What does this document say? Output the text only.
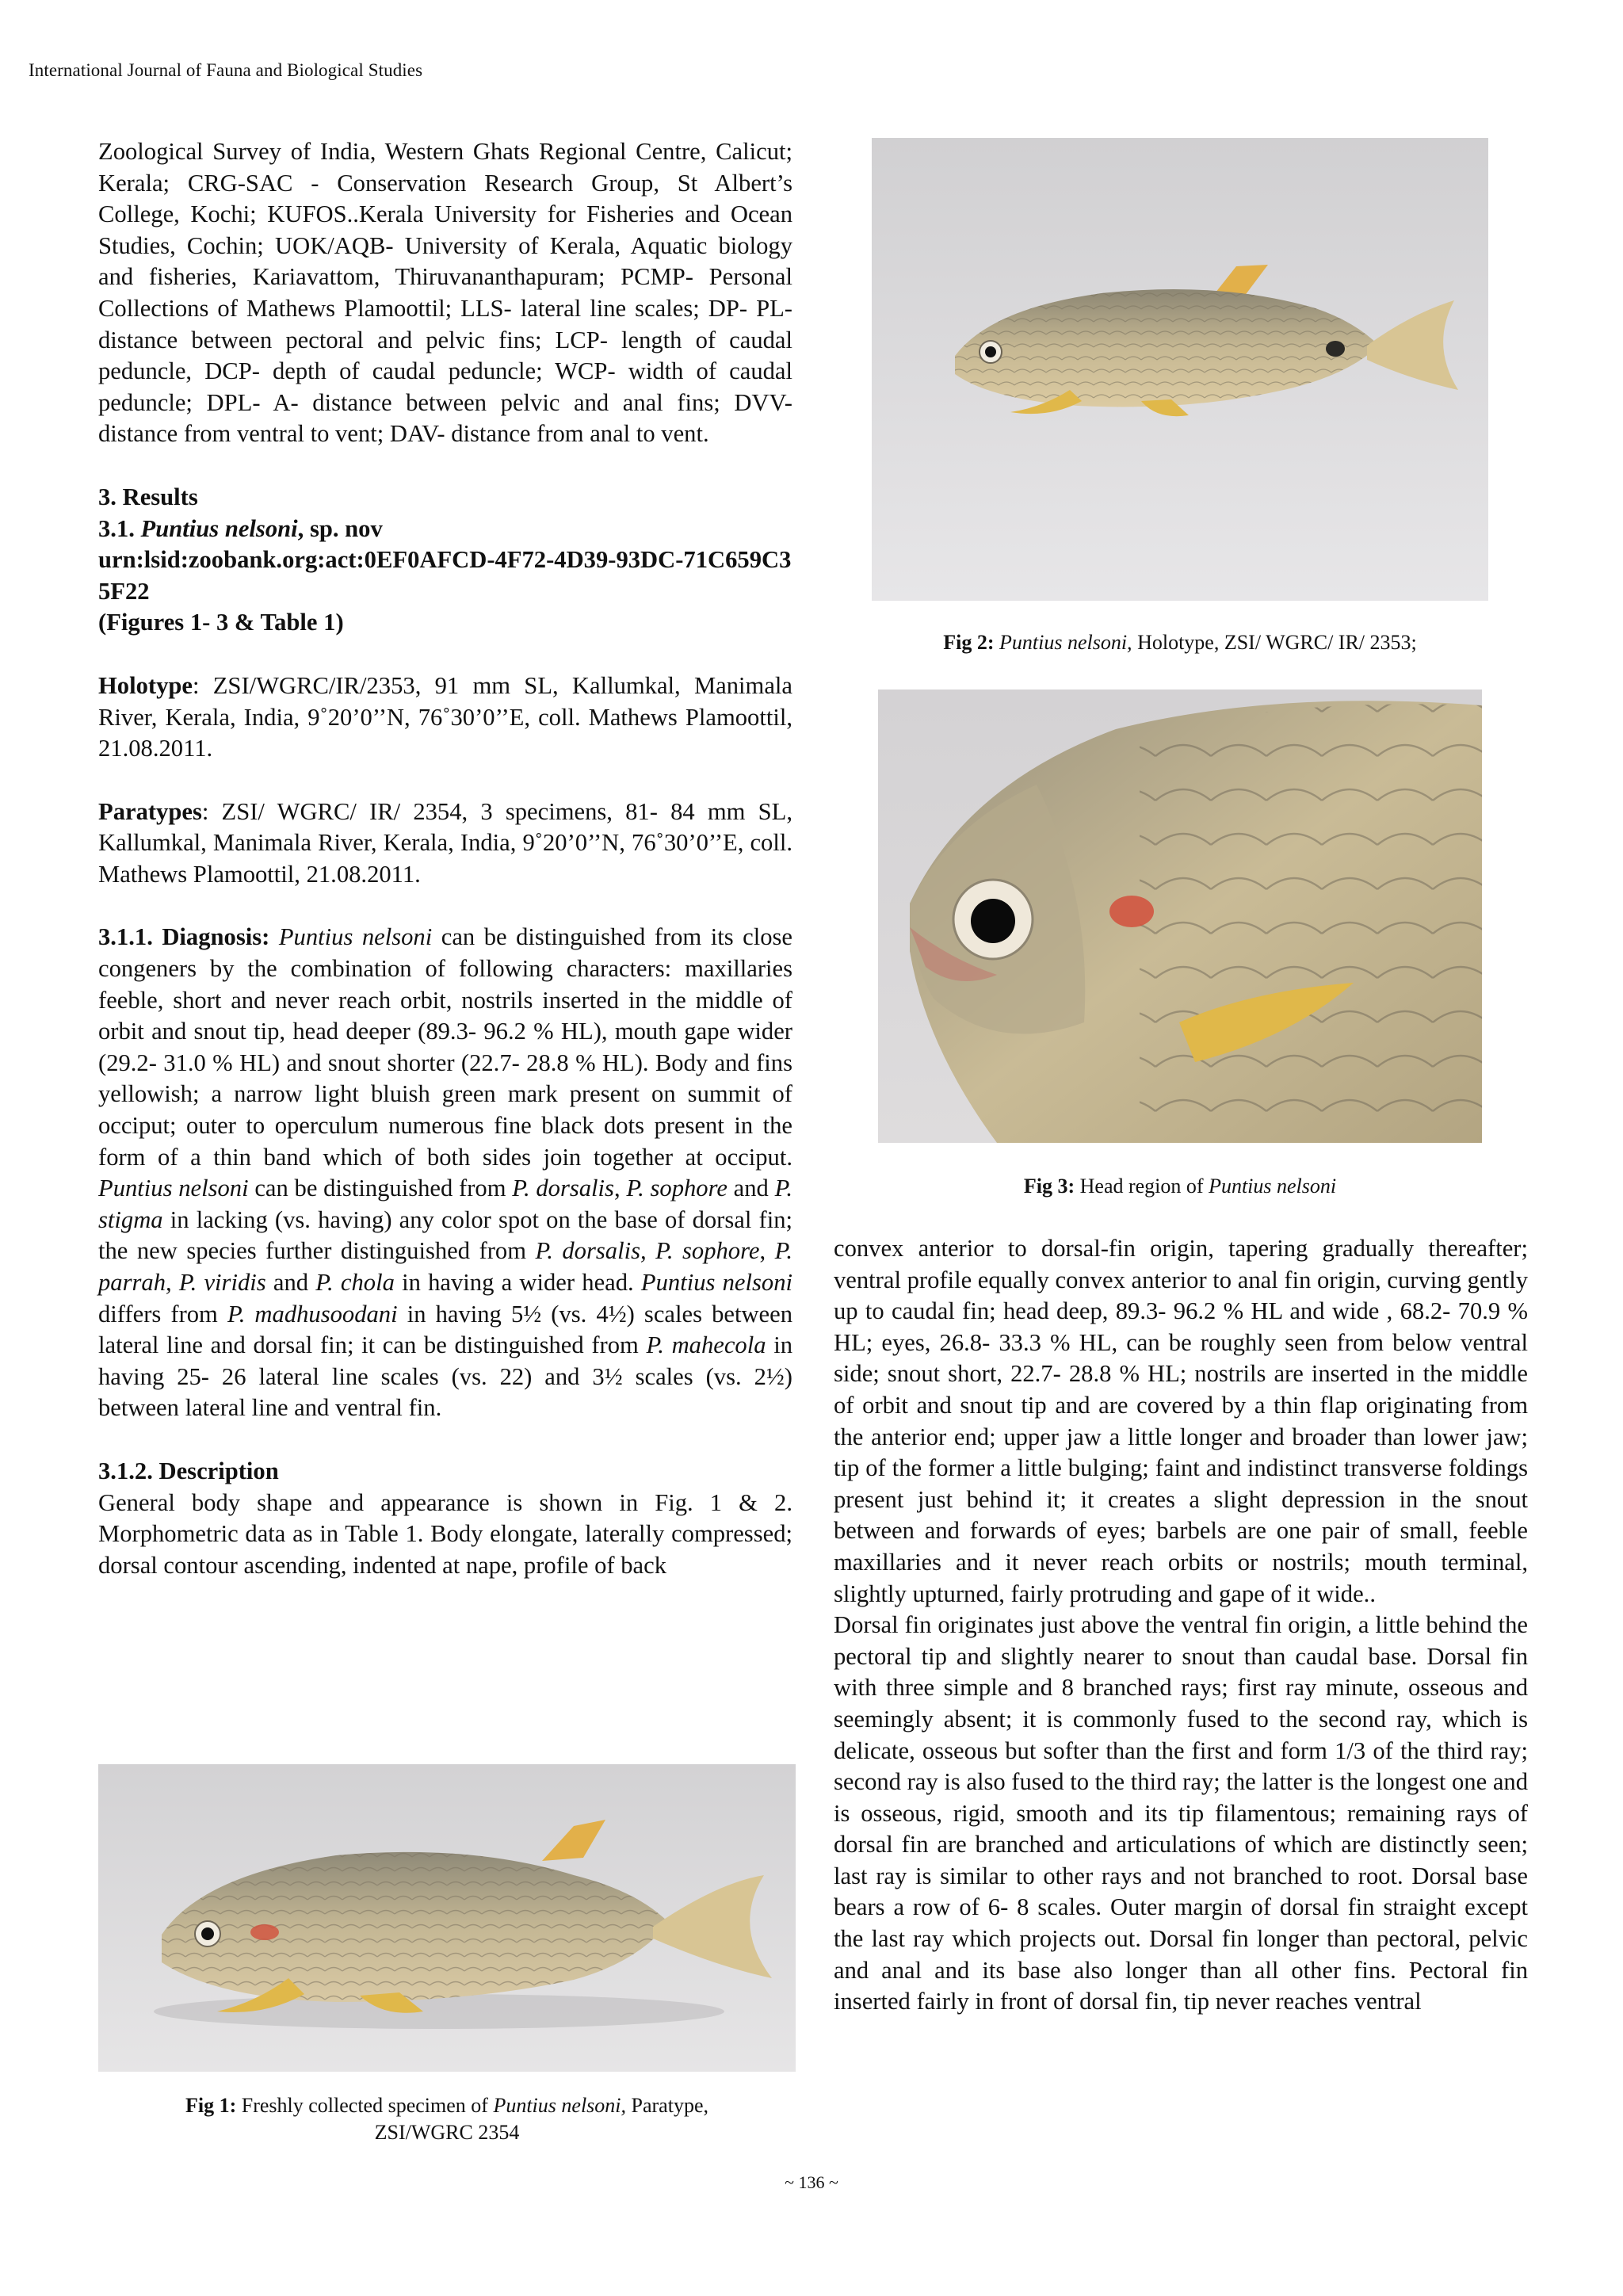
International Journal of Fauna and Biological Studies

Zoological Survey of India, Western Ghats Regional Centre, Calicut; Kerala; CRG-SAC - Conservation Research Group, St Albert’s College, Kochi; KUFOS..Kerala University for Fisheries and Ocean Studies, Cochin; UOK/AQB- University of Kerala, Aquatic biology and fisheries, Kariavattom, Thiruvananthapuram; PCMP- Personal Collections of Mathews Plamoottil; LLS- lateral line scales; DP- PL- distance between pectoral and pelvic fins; LCP- length of caudal peduncle, DCP- depth of caudal peduncle; WCP- width of caudal peduncle; DPL- A- distance between pelvic and anal fins; DVV- distance from ventral to vent; DAV- distance from anal to vent.

3. Results

3.1. Puntius nelsoni, sp. nov

urn:lsid:zoobank.org:act:0EF0AFCD-4F72-4D39-93DC-71C659C35F22

(Figures 1- 3 & Table 1)

Holotype: ZSI/WGRC/IR/2353, 91 mm SL, Kallumkal, Manimala River, Kerala, India, 9˚20’0’’N, 76˚30’0’’E, coll. Mathews Plamoottil, 21.08.2011.

Paratypes: ZSI/ WGRC/ IR/ 2354, 3 specimens, 81- 84 mm SL, Kallumkal, Manimala River, Kerala, India, 9˚20’0’’N, 76˚30’0’’E, coll. Mathews Plamoottil, 21.08.2011.

3.1.1. Diagnosis: Puntius nelsoni can be distinguished from its close congeners by the combination of following characters: maxillaries feeble, short and never reach orbit, nostrils inserted in the middle of orbit and snout tip, head deeper (89.3- 96.2 % HL), mouth gape wider (29.2- 31.0 % HL) and snout shorter (22.7- 28.8 % HL). Body and fins yellowish; a narrow light bluish green mark present on summit of occiput; outer to operculum numerous fine black dots present in the form of a thin band which of both sides join together at occiput. Puntius nelsoni can be distinguished from P. dorsalis, P. sophore and P. stigma in lacking (vs. having) any color spot on the base of dorsal fin; the new species further distinguished from P. dorsalis, P. sophore, P. parrah, P. viridis and P. chola in having a wider head. Puntius nelsoni differs from P. madhusoodani in having 5½ (vs. 4½) scales between lateral line and dorsal fin; it can be distinguished from P. mahecola in having 25- 26 lateral line scales (vs. 22) and 3½ scales (vs. 2½) between lateral line and ventral fin.

3.1.2. Description

General body shape and appearance is shown in Fig. 1 & 2. Morphometric data as in Table 1. Body elongate, laterally compressed; dorsal contour ascending, indented at nape, profile of back

Fig 1: Freshly collected specimen of Puntius nelsoni, Paratype,
ZSI/WGRC 2354
Fig 2: Puntius nelsoni, Holotype, ZSI/ WGRC/ IR/ 2353;
Fig 3: Head region of Puntius nelsoni

convex anterior to dorsal-fin origin, tapering gradually thereafter; ventral profile equally convex anterior to anal fin origin, curving gently up to caudal fin; head deep, 89.3- 96.2 % HL and wide , 68.2- 70.9 % HL; eyes, 26.8- 33.3 % HL, can be roughly seen from below ventral side; snout short, 22.7- 28.8 % HL; nostrils are inserted in the middle of orbit and snout tip and are covered by a thin flap originating from the anterior end; upper jaw a little longer and broader than lower jaw; tip of the former a little bulging; faint and indistinct transverse foldings present just behind it; it creates a slight depression in the snout between and forwards of eyes; barbels are one pair of small, feeble maxillaries and it never reach orbits or nostrils; mouth terminal, slightly upturned, fairly protruding and gape of it wide..

Dorsal fin originates just above the ventral fin origin, a little behind the pectoral tip and slightly nearer to snout than caudal base. Dorsal fin with three simple and 8 branched rays; first ray minute, osseous and seemingly absent; it is commonly fused to the second ray, which is delicate, osseous but softer than the first and form 1/3 of the third ray; second ray is also fused to the third ray; the latter is the longest one and is osseous, rigid, smooth and its tip filamentous; remaining rays of dorsal fin are branched and articulations of which are distinctly seen; last ray is similar to other rays and not branched to root. Dorsal base bears a row of 6- 8 scales. Outer margin of dorsal fin straight except the last ray which projects out. Dorsal fin longer than pectoral, pelvic and anal and its base also longer than all other fins. Pectoral fin inserted fairly in front of dorsal fin, tip never reaches ventral

~ 136 ~
